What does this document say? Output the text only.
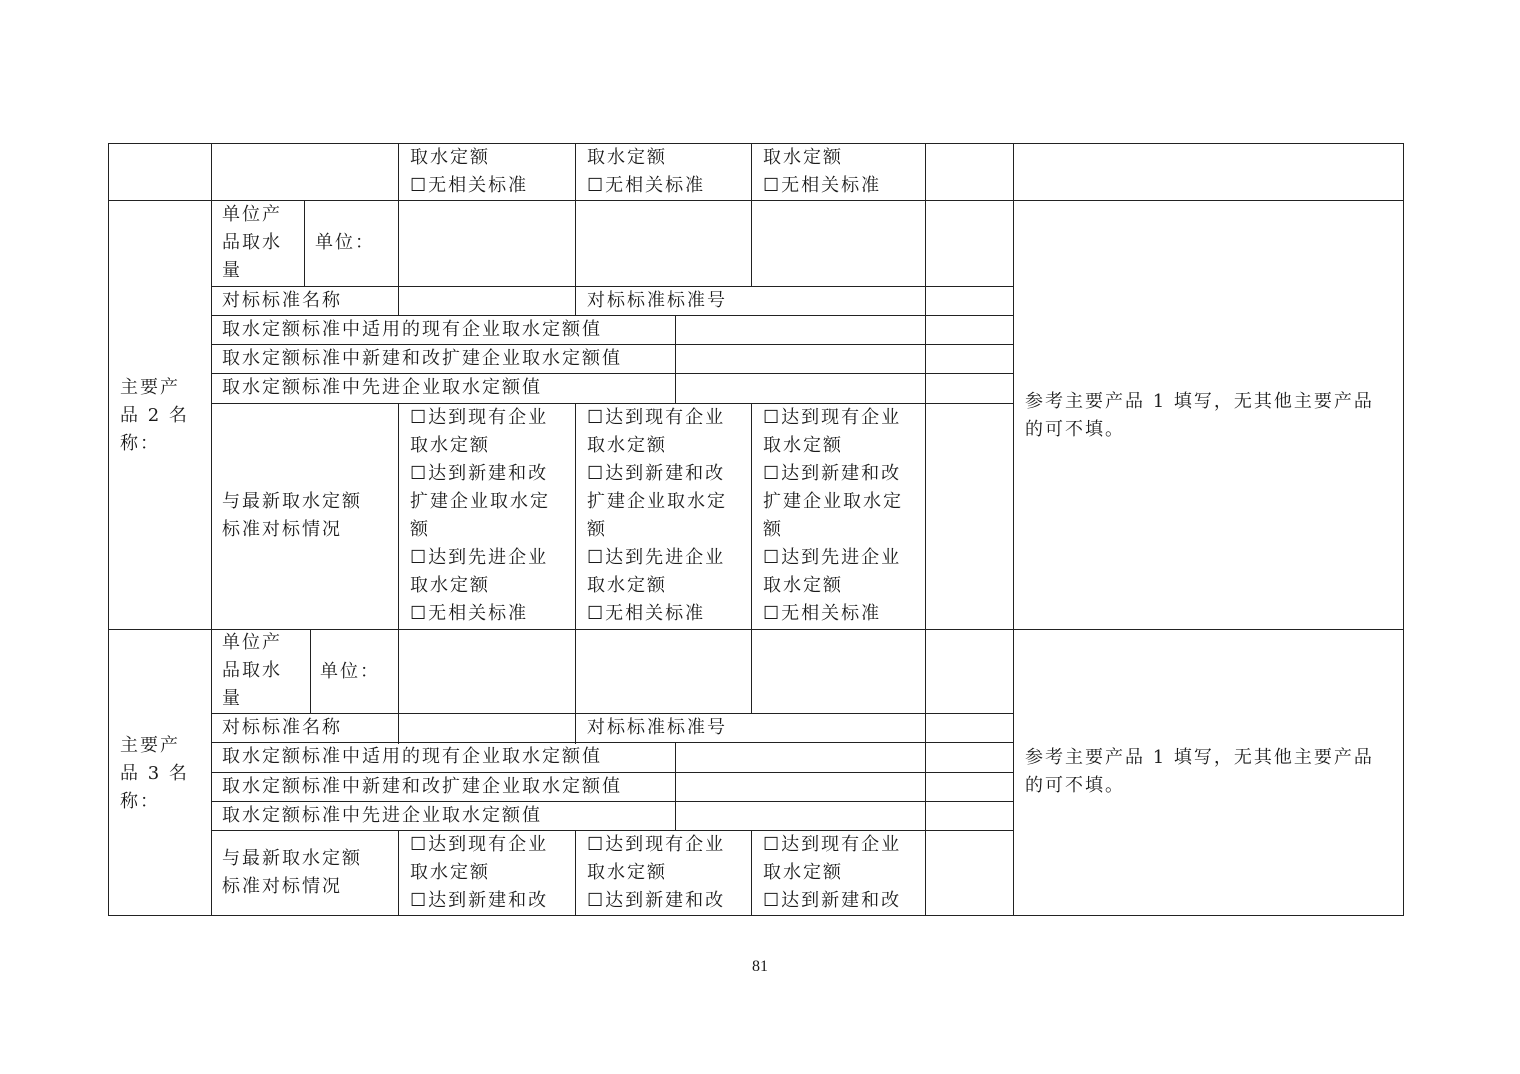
取水定额
☐无相关标准
取水定额
☐无相关标准
取水定额
☐无相关标准
主要产
品 2 名
称：
单位产
品取水
量
单位：
对标标准名称	对标标准标准号
取水定额标准中适用的现有企业取水定额值
取水定额标准中新建和改扩建企业取水定额值
取水定额标准中先进企业取水定额值
与最新取水定额
标准对标情况
☐达到现有企业
取水定额
☐达到新建和改
扩建企业取水定
额
☐达到先进企业
取水定额
☐无相关标准
☐达到现有企业
取水定额
☐达到新建和改
扩建企业取水定
额
☐达到先进企业
取水定额
☐无相关标准
☐达到现有企业
取水定额
☐达到新建和改
扩建企业取水定
额
☐达到先进企业
取水定额
☐无相关标准
参考主要产品 1 填写，无其他主要产品
的可不填。
主要产
品 3 名
称：
单位产
品取水
量
单位：
对标标准名称	对标标准标准号
取水定额标准中适用的现有企业取水定额值
取水定额标准中新建和改扩建企业取水定额值
取水定额标准中先进企业取水定额值
与最新取水定额
标准对标情况
☐达到现有企业
取水定额
☐达到新建和改
☐达到现有企业
取水定额
☐达到新建和改
☐达到现有企业
取水定额
☐达到新建和改
参考主要产品 1 填写，无其他主要产品
的可不填。
81
